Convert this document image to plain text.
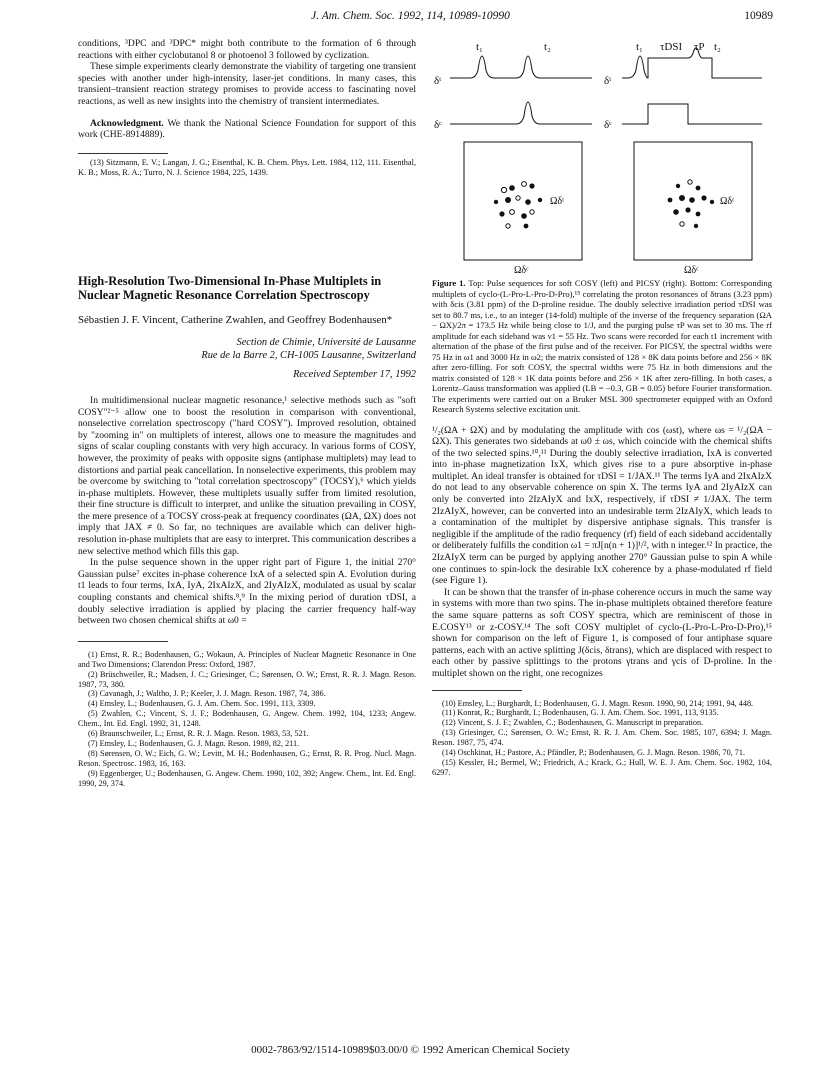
J. Am. Chem. Soc. 1992, 114, 10989-10990	10989

conditions, ³DPC and ³DPC* might both contribute to the formation of 6 through reactions with either cyclobutanol 8 or photoenol 3 followed by cyclization.

These simple experiments clearly demonstrate the viability of targeting one transient species with another under high-intensity, laser-jet conditions. In many cases, this transient–transient reaction strategy promises to provide access to fascinating novel reactions, as well as new insights into the chemistry of transient intermediates.

Acknowledgment. We thank the National Science Foundation for support of this work (CHE-8914889).

(13) Sitzmann, E. V.; Langan, J. G.; Eisenthal, K. B. Chem. Phys. Lett. 1984, 112, 111. Eisenthal, K. B.; Moss, R. A.; Turro, N. J. Science 1984, 225, 1439.

High-Resolution Two-Dimensional In-Phase Multiplets in Nuclear Magnetic Resonance Correlation Spectroscopy
Sébastien J. F. Vincent, Catherine Zwahlen, and Geoffrey Bodenhausen*
Section de Chimie, Université de Lausanne
Rue de la Barre 2, CH-1005 Lausanne, Switzerland
Received September 17, 1992

In multidimensional nuclear magnetic resonance,¹ selective methods such as "soft COSY"²⁻⁵ allow one to boost the resolution in comparison with conventional, nonselective correlation spectroscopy ("hard COSY"). Improved resolution, obtained by "zooming in" on multiplets of interest, allows one to measure the magnitudes and signs of scalar coupling constants with very high accuracy. In various forms of COSY, however, the proximity of peaks with opposite signs (antiphase multiplets) may lead to distortions and partial peak cancellation. In nonselective experiments, this problem may be overcome by switching to "total correlation spectroscopy" (TOCSY),⁶ which yields in-phase multiplets. However, these multiplets usually suffer from limited resolution, their fine structure is difficult to interpret, and unlike the situation prevailing in COSY, the mere presence of a TOCSY cross-peak at frequency coordinates (ΩA, ΩX) does not imply that JAX ≠ 0. So far, no techniques are available which can deliver high-resolution in-phase multiplets that are easy to interpret. This communication describes a new selective method which fills this gap.

In the pulse sequence shown in the upper right part of Figure 1, the initial 270° Gaussian pulse⁷ excites in-phase coherence IxA of a selected spin A. Evolution during t1 leads to four terms, IxA, IyA, 2IxAIzX, and 2IyAIzX, modulated as usual by scalar coupling constants and chemical shifts.⁸,⁹ In the mixing period of duration τDSI, a doubly selective irradiation is applied by placing the carrier frequency half-way between two chosen chemical shifts at ω0 =

(1) Ernst, R. R.; Bodenhausen, G.; Wokaun, A. Principles of Nuclear Magnetic Resonance in One and Two Dimensions; Clarendon Press: Oxford, 1987.

(2) Brüschweiler, R.; Madsen, J. C.; Griesinger, C.; Sørensen, O. W.; Ernst, R. R. J. Magn. Reson. 1987, 73, 380.

(3) Cavanagh, J.; Waltho, J. P.; Keeler, J. J. Magn. Reson. 1987, 74, 386.

(4) Emsley, L.; Bodenhausen, G. J. Am. Chem. Soc. 1991, 113, 3309.

(5) Zwahlen, C.; Vincent, S. J. F.; Bodenhausen, G. Angew. Chem. 1992, 104, 1233; Angew. Chem., Int. Ed. Engl. 1992, 31, 1248.

(6) Braunschweiler, L.; Ernst, R. R. J. Magn. Reson. 1983, 53, 521.

(7) Emsley, L.; Bodenhausen, G. J. Magn. Reson. 1989, 82, 211.

(8) Sørensen, O. W.; Eich, G. W.; Levitt, M. H.; Bodenhausen, G.; Ernst, R. R. Prog. Nucl. Magn. Reson. Spectrosc. 1983, 16, 163.

(9) Eggenberger, U.; Bodenhausen, G. Angew. Chem. 1990, 102, 392; Angew. Chem., Int. Ed. Engl. 1990, 29, 374.

t₁	t₂
δᵗ
δᶜ
t₁ τDSI τP t₂
δᵗ
δᶜ
Ωδᵗ	Ωδᵗ
Ωδᶜ	Ωδᶜ

Figure 1. Top: Pulse sequences for soft COSY (left) and PICSY (right). Bottom: Corresponding multiplets of cyclo-(L-Pro-L-Pro-D-Pro),¹⁵ correlating the proton resonances of δtrans (3.23 ppm) with δcis (3.81 ppm) of the D-proline residue. The doubly selective irradiation period τDSI was set to 80.7 ms, i.e., to an integer (14-fold) multiple of the inverse of the frequency separation (ΩA − ΩX)/2π = 173.5 Hz while being close to 1/J, and the purging pulse τP was set to 30 ms. The rf amplitude for each sideband was ν1 = 55 Hz. Two scans were recorded for each t1 increment with alternation of the phase of the first pulse and of the receiver. For PICSY, the spectral widths were 75 Hz in ω1 and 3000 Hz in ω2; the matrix consisted of 128 × 8K data points before and 256 × 8K after zero-filling. For soft COSY, the spectral widths were 75 Hz in both dimensions and the matrix consisted of 128 × 1K data points before and 256 × 1K after zero-filling. In both cases, a Lorentz–Gauss transformation was applied (LB = −0.3, GB = 0.05) before Fourier transformation. The experiments were carried out on a Bruker MSL 300 spectrometer equipped with an Oxford Research Systems selective excitation unit.

¹/₂(ΩA + ΩX) and by modulating the amplitude with cos (ωst), where ωs = ¹/₂(ΩA − ΩX). This generates two sidebands at ω0 ± ωs, which coincide with the chemical shifts of the two selected spins.¹⁰,¹¹ During the doubly selective irradiation, IxA is converted into in-phase magnetization IxX, which gives rise to a pure absorptive in-phase multiplet. An ideal transfer is obtained for τDSI = 1/JAX.¹¹ The terms IyA and 2IxAIzX do not lead to any observable coherence on spin X. The terms IyA and 2IyAIzX can only be converted into 2IzAIyX and IxX, respectively, if τDSI ≠ 1/JAX. The term 2IzAIyX, however, can be converted into an undesirable term 2IzAIyX, which leads to a contamination of the multiplet by dispersive antiphase signals. This transfer is negligible if the amplitude of the radio frequency (rf) field of each sideband accidentally or deliberately fulfills the condition ω1 = πJ[n(n + 1)]¹/², with n integer.¹² In practice, the 2IzAIyX term can be purged by applying another 270° Gaussian pulse to spin A while one continues to spin-lock the desirable IxX coherence by a phase-modulated rf field (see Figure 1).

It can be shown that the transfer of in-phase coherence occurs in much the same way in systems with more than two spins. The in-phase multiplets obtained therefore feature the same square patterns as soft COSY spectra, which are reminiscent of those in E.COSY¹³ or z-COSY.¹⁴ The soft COSY multiplet of cyclo-(L-Pro-L-Pro-D-Pro),¹⁵ shown for comparison on the left of Figure 1, is composed of four antiphase square patterns, each with an active splitting J(δcis, δtrans), which are displaced with respect to each other by passive splittings to the protons γtrans and γcis of D-proline. In the multiplet shown on the right, one recognizes

(10) Emsley, L.; Burghardt, I.; Bodenhausen, G. J. Magn. Reson. 1990, 90, 214; 1991, 94, 448.

(11) Konrat, R.; Burghardt, I.; Bodenhausen, G. J. Am. Chem. Soc. 1991, 113, 9135.

(12) Vincent, S. J. F.; Zwahlen, C.; Bodenhausen, G. Manuscript in preparation.

(13) Griesinger, C.; Sørensen, O. W.; Ernst, R. R. J. Am. Chem. Soc. 1985, 107, 6394; J. Magn. Reson. 1987, 75, 474.

(14) Oschkinat, H.; Pastore, A.; Pfändler, P.; Bodenhausen, G. J. Magn. Reson. 1986, 70, 71.

(15) Kessler, H.; Bermel, W.; Friedrich, A.; Krack, G.; Hull, W. E. J. Am. Chem. Soc. 1982, 104, 6297.

0002-7863/92/1514-10989$03.00/0 © 1992 American Chemical Society
